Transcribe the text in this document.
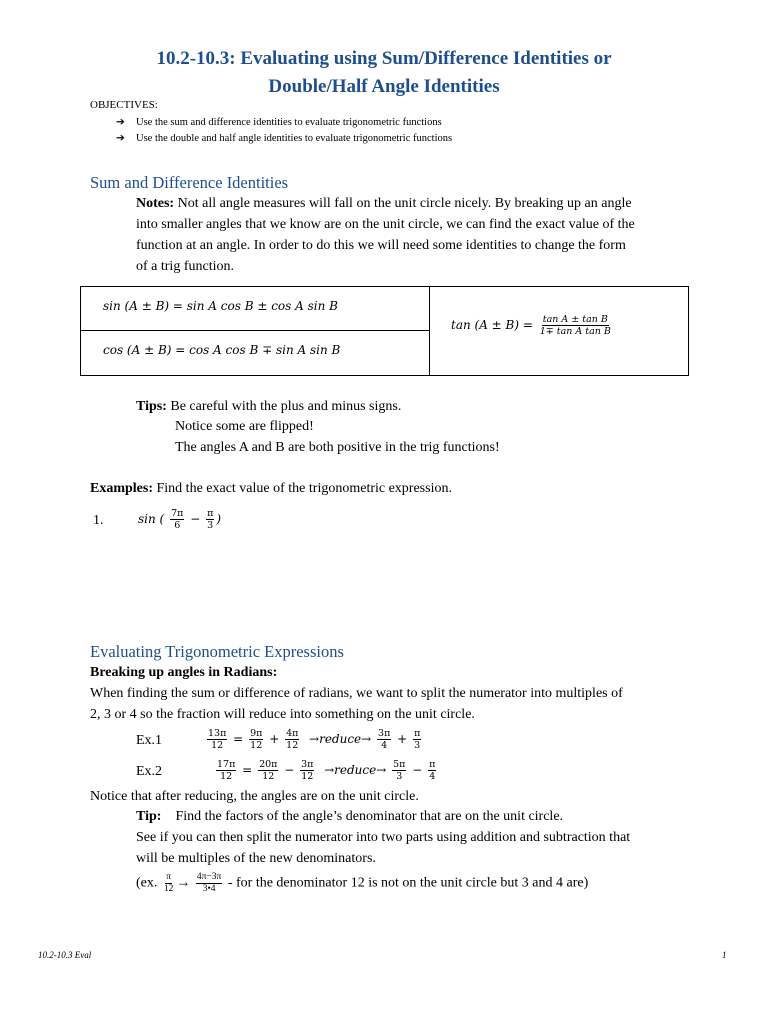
10.2-10.3: Evaluating using Sum/Difference Identities or
Double/Half Angle Identities
OBJECTIVES:
➔ Use the sum and difference identities to evaluate trigonometric functions
➔ Use the double and half angle identities to evaluate trigonometric functions
Sum and Difference Identities
Notes: Not all angle measures will fall on the unit circle nicely. By breaking up an angle
into smaller angles that we know are on the unit circle, we can find the exact value of the
function at an angle. In order to do this we will need some identities to change the form
of a trig function.
sin (A ± B) = sin A cos B ± cos A sin B
cos (A ± B) = cos A cos B ∓ sin A sin B
$\tan (A \pm B) = \frac{\text{tan A ± tan B}}{\text{1∓ tan A tan B}}$
Tips: Be careful with the plus and minus signs.
Notice some are flipped!
The angles A and B are both positive in the trig functions!
Examples: Find the exact value of the trigonometric expression.
1.	sin ( $\frac{7\pi}{6} - \frac{\pi}{3}$ )
Evaluating Trigonometric Expressions
Breaking up angles in Radians:
When finding the sum or difference of radians, we want to split the numerator into multiples of
2, 3 or 4 so the fraction will reduce into something on the unit circle.
Ex.1	$\frac{13\pi}{12} = \frac{9\pi}{12} + \frac{4\pi}{12}$ →reduce→ $\frac{3\pi}{4} + \frac{\pi}{3}$
Ex.2	$\frac{17\pi}{12} = \frac{20\pi}{12} - \frac{3\pi}{12}$ →reduce→ $\frac{5\pi}{3} - \frac{\pi}{4}$
Notice that after reducing, the angles are on the unit circle.
Tip: Find the factors of the angle’s denominator that are on the unit circle.
See if you can then split the numerator into two parts using addition and subtraction that
will be multiples of the new denominators.
(ex. $\frac{\pi}{12} \to \frac{4\pi-3\pi}{3•4}$ - for the denominator 12 is not on the unit circle but 3 and 4 are)
10.2-10.3 Eval	1
